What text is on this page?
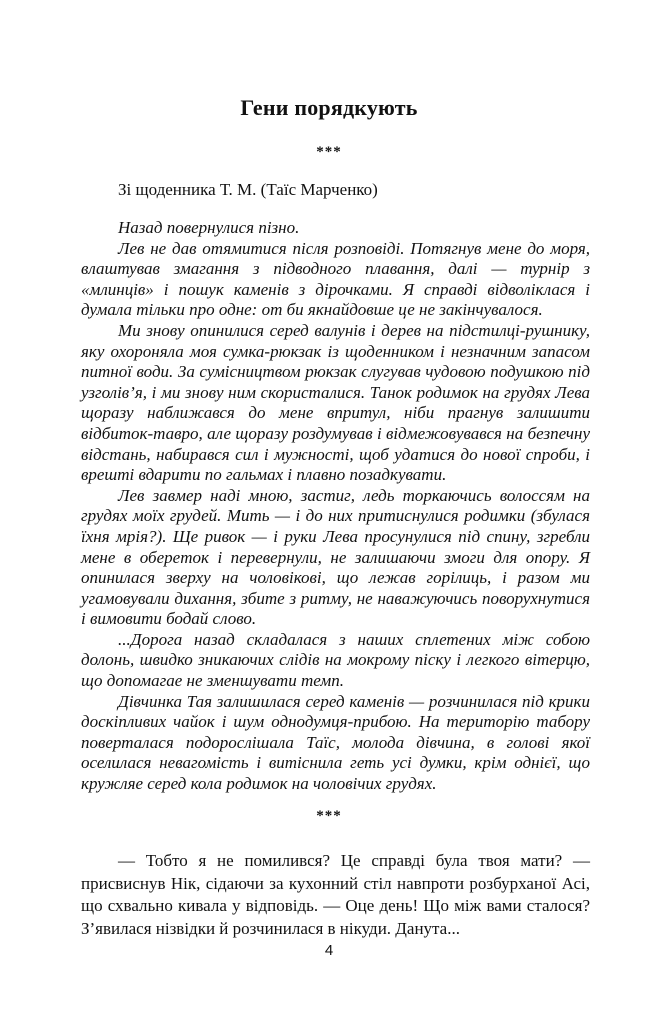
Гени порядкують
***
Зі щоденника Т. М. (Таїс Марченко)

Назад повернулися пізно.

Лев не дав отямитися після розповіді. Потягнув мене до моря, влаштував змагання з підводного плавання, далі — турнір з «млинців» і пошук каменів з дірочками. Я справді відволіклася і думала тільки про одне: от би якнайдовше це не закінчувалося.

Ми знову опинилися серед валунів і дерев на підстилці-рушнику, яку охороняла моя сумка-рюкзак із щоденником і незначним запасом питної води. За сумісництвом рюкзак слугував чудовою подушкою під узголів’я, і ми знову ним скористалися. Танок родимок на грудях Лева щоразу наближався до мене впритул, ніби прагнув залишити відбиток-тавро, але щоразу роздумував і відмежовувався на безпечну відстань, набирався сил і мужності, щоб удатися до нової спроби, і врешті вдарити по гальмах і плавно позадкувати.

Лев завмер наді мною, застиг, ледь торкаючись волоссям на грудях моїх грудей. Мить — і до них притиснулися родимки (збулася їхня мрія?). Ще ривок — і руки Лева просунулися під спину, згребли мене в обереmок і перевернули, не залишаючи змоги для опору. Я опинилася зверху на чоловікові, що лежав горілиць, і разом ми угамовували дихання, збите з ритму, не наважуючись поворухнутися і вимовити бодай слово.

...Дорога назад складалася з наших сплетених між собою долонь, швидко зникаючих слідів на мокрому піску і легкого вітерцю, що допомагае не зменшувати темп.

Дівчинка Тая залишилася серед каменів — розчинилася під крики доскіпливих чайок і шум однодумця-прибою. На територію табору поверталася подорослішала Таїс, молода дівчина, в голові якої оселилася невагомість і витіснила геть усі думки, крім однієї, що кружляе серед кола родимок на чоловічих грудях.

***

— Тобто я не помилився? Це справді була твоя мати? — присвиснув Нік, сідаючи за кухонний стіл навпроти розбурханої Асі, що схвально кивала у відповідь. — Оце день! Що між вами сталося? З’явилася нізвідки й розчинилася в нікуди. Данута...

4
